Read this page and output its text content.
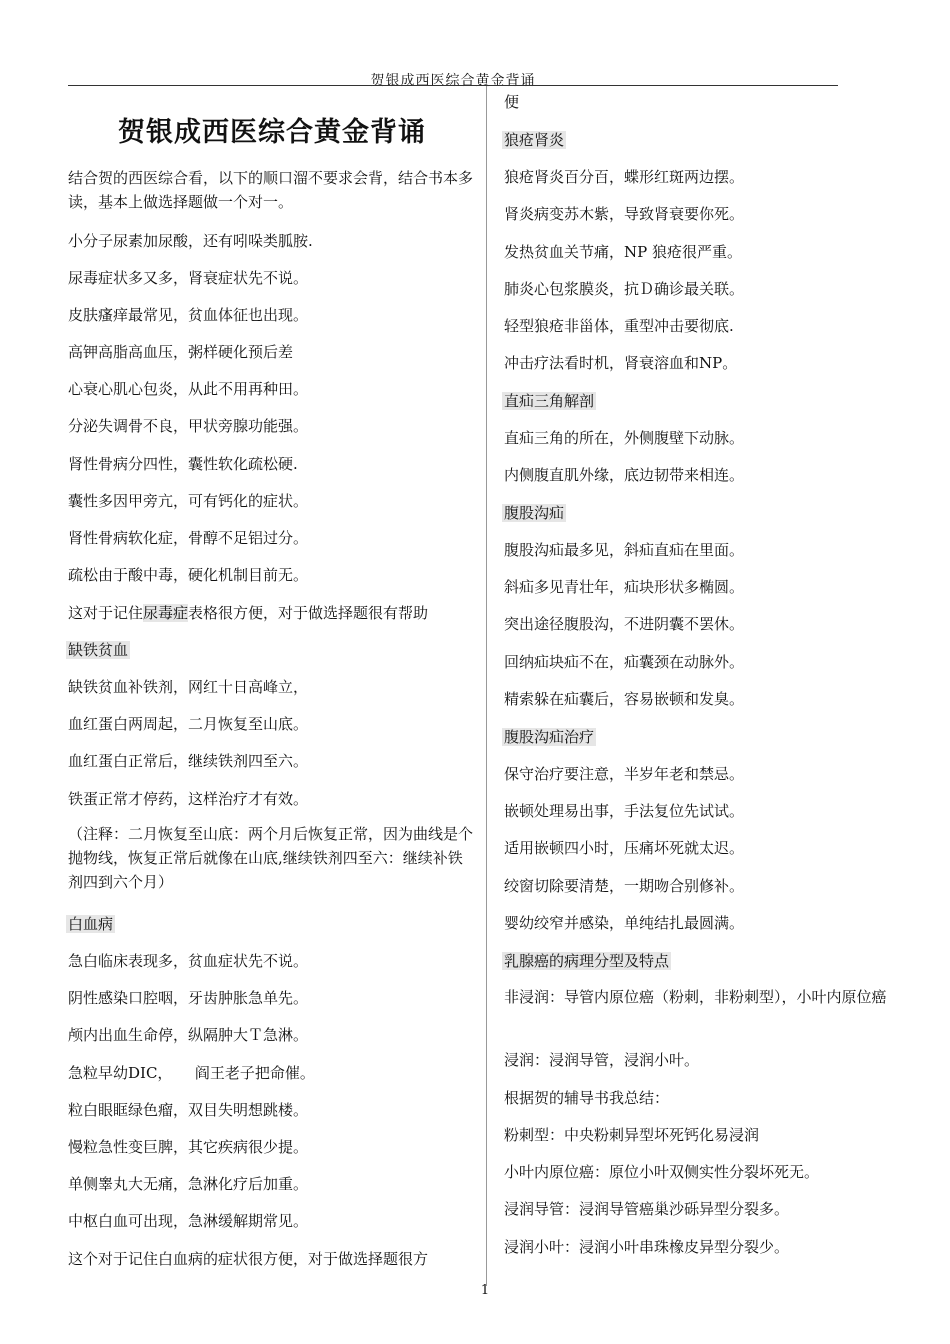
贺银成西医综合黄金背诵
贺银成西医综合黄金背诵
结合贺的西医综合看，以下的顺口溜不要求会背，结合书本多读，基本上做选择题做一个对一。
小分子尿素加尿酸，还有吲哚类胍胺.
尿毒症状多又多，肾衰症状先不说。
皮肤瘙痒最常见，贫血体征也出现。
高钾高脂高血压，粥样硬化预后差
心衰心肌心包炎，从此不用再种田。
分泌失调骨不良，甲状旁腺功能强。
肾性骨病分四性，囊性软化疏松硬.
囊性多因甲旁亢，可有钙化的症状。
肾性骨病软化症，骨醇不足铝过分。
疏松由于酸中毒，硬化机制目前无。
这对于记住尿毒症表格很方便，对于做选择题很有帮助
缺铁贫血
缺铁贫血补铁剂，网红十日高峰立，
血红蛋白两周起，二月恢复至山底。
血红蛋白正常后，继续铁剂四至六。
铁蛋正常才停药，这样治疗才有效。
（注释：二月恢复至山底：两个月后恢复正常，因为曲线是个抛物线，恢复正常后就像在山底,继续铁剂四至六：继续补铁剂四到六个月）
白血病
急白临床表现多，贫血症状先不说。
阴性感染口腔咽，牙齿肿胀急单先。
颅内出血生命停，纵隔肿大Ｔ急淋。
急粒早幼DIC，　　阎王老子把命催。
粒白眼眶绿色瘤，双目失明想跳楼。
慢粒急性变巨脾，其它疾病很少提。
单侧睾丸大无痛，急淋化疗后加重。
中枢白血可出现，急淋缓解期常见。
这个对于记住白血病的症状很方便，对于做选择题很方
便
狼疮肾炎
狼疮肾炎百分百，蝶形红斑两边摆。
肾炎病变苏木紫，导致肾衰要你死。
发热贫血关节痛，NP 狼疮很严重。
肺炎心包浆膜炎，抗Ｄ确诊最关联。
轻型狼疮非甾体，重型冲击要彻底.
冲击疗法看时机，肾衰溶血和NP。
直疝三角解剖
直疝三角的所在，外侧腹壁下动脉。
内侧腹直肌外缘，底边韧带来相连。
腹股沟疝
腹股沟疝最多见，斜疝直疝在里面。
斜疝多见青壮年，疝块形状多椭圆。
突出途径腹股沟，不进阴囊不罢休。
回纳疝块疝不在，疝囊颈在动脉外。
精索躲在疝囊后，容易嵌顿和发臭。
腹股沟疝治疗
保守治疗要注意，半岁年老和禁忌。
嵌顿处理易出事，手法复位先试试。
适用嵌顿四小时，压痛坏死就太迟。
绞窗切除要清楚，一期吻合别修补。
婴幼绞窄并感染，单纯结扎最圆满。
乳腺癌的病理分型及特点
非浸润：导管内原位癌（粉刺，非粉刺型），小叶内原位癌
浸润：浸润导管，浸润小叶。
根据贺的辅导书我总结：
粉刺型：中央粉刺异型坏死钙化易浸润
小叶内原位癌：原位小叶双侧实性分裂坏死无。
浸润导管：浸润导管癌巢沙砾异型分裂多。
浸润小叶：浸润小叶串珠橡皮异型分裂少。
1
